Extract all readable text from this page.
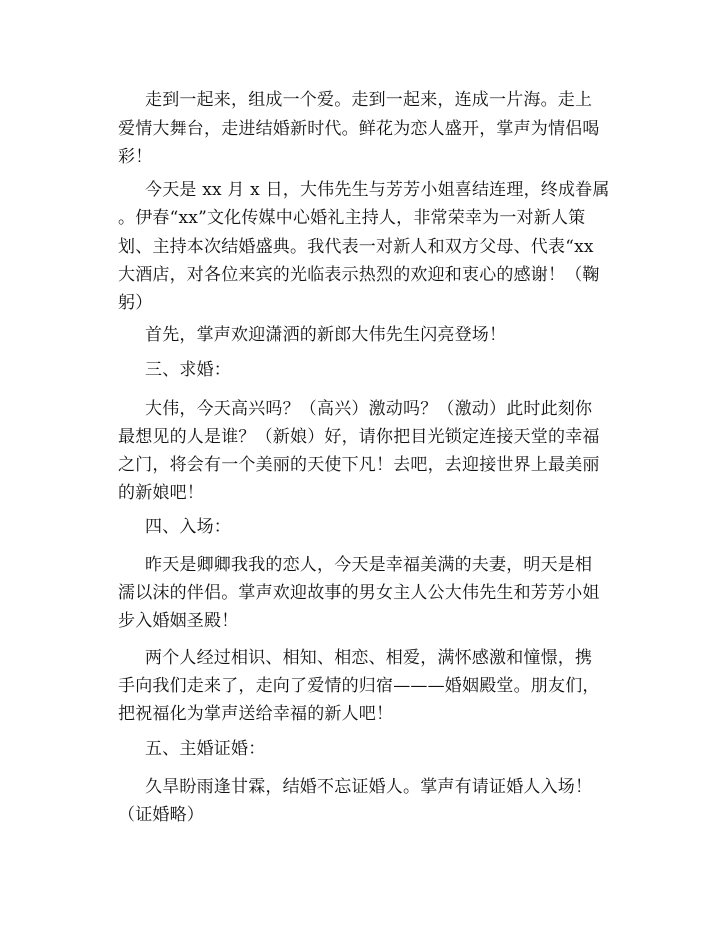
走到一起来，组成一个爱。走到一起来，连成一片海。走上

爱情大舞台，走进结婚新时代。鲜花为恋人盛开，掌声为情侣喝

彩！

今天是 xx 月 x 日，大伟先生与芳芳小姐喜结连理，终成眷属

。伊春“xx”文化传媒中心婚礼主持人，非常荣幸为一对新人策

划、主持本次结婚盛典。我代表一对新人和双方父母、代表“xx

大酒店，对各位来宾的光临表示热烈的欢迎和衷心的感谢！（鞠

躬）

首先，掌声欢迎潇洒的新郎大伟先生闪亮登场！

三、求婚：

大伟，今天高兴吗？（高兴）激动吗？（激动）此时此刻你

最想见的人是谁？（新娘）好，请你把目光锁定连接天堂的幸福

之门，将会有一个美丽的天使下凡！去吧，去迎接世界上最美丽

的新娘吧！

四、入场：

昨天是卿卿我我的恋人，今天是幸福美满的夫妻，明天是相

濡以沫的伴侣。掌声欢迎故事的男女主人公大伟先生和芳芳小姐

步入婚姻圣殿！

两个人经过相识、相知、相恋、相爱，满怀感激和憧憬，携

手向我们走来了，走向了爱情的归宿———婚姻殿堂。朋友们，

把祝福化为掌声送给幸福的新人吧！

五、主婚证婚：

久旱盼雨逢甘霖，结婚不忘证婚人。掌声有请证婚人入场！

（证婚略）
